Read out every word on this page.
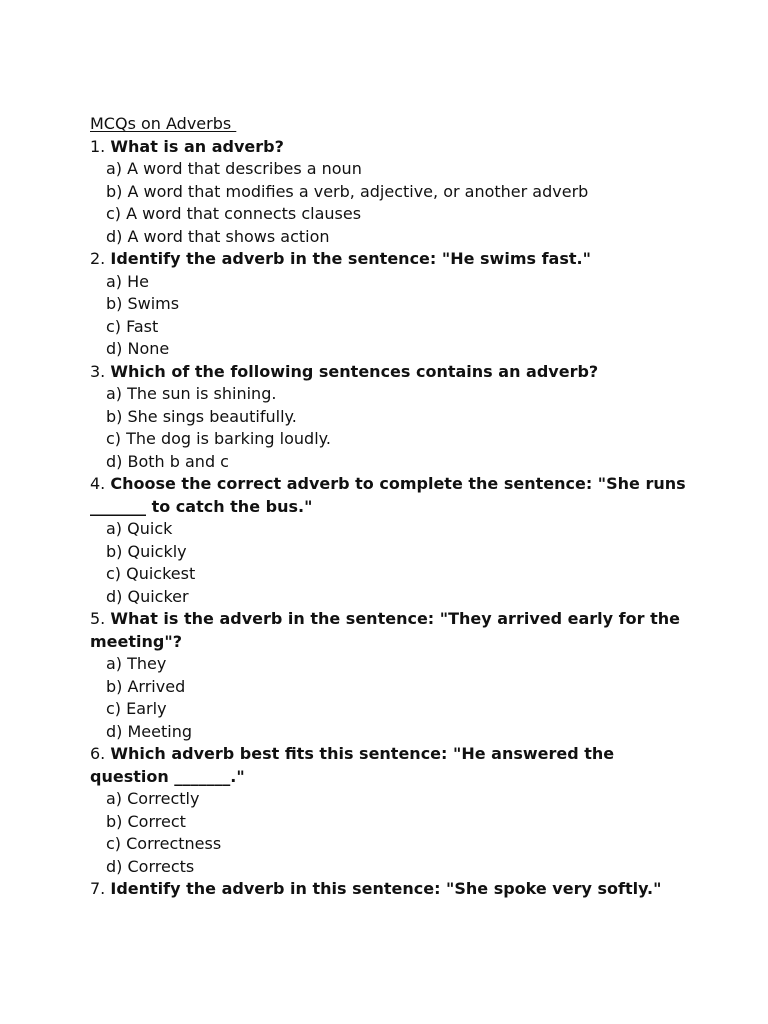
MCQs on Adverbs
1. What is an adverb?
a) A word that describes a noun
b) A word that modifies a verb, adjective, or another adverb
c) A word that connects clauses
d) A word that shows action
2. Identify the adverb in the sentence: "He swims fast."
a) He
b) Swims
c) Fast
d) None
3. Which of the following sentences contains an adverb?
a) The sun is shining.
b) She sings beautifully.
c) The dog is barking loudly.
d) Both b and c
4. Choose the correct adverb to complete the sentence: "She runs _______ to catch the bus."
a) Quick
b) Quickly
c) Quickest
d) Quicker
5. What is the adverb in the sentence: "They arrived early for the meeting"?
a) They
b) Arrived
c) Early
d) Meeting
6. Which adverb best fits this sentence: "He answered the question _______."
a) Correctly
b) Correct
c) Correctness
d) Corrects
7. Identify the adverb in this sentence: "She spoke very softly."
